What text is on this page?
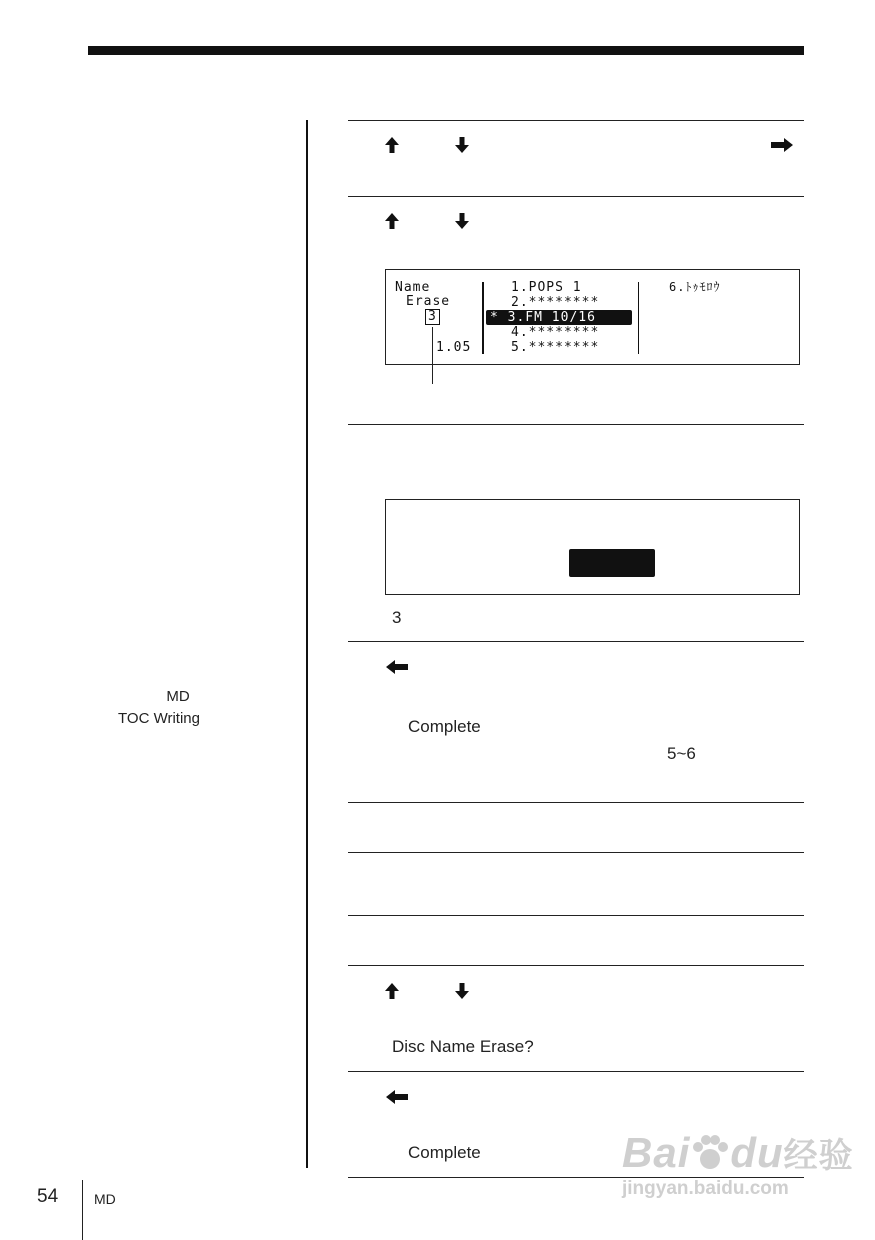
MD
TOC Writing
Name
Erase
3
1.05
1.POPS 1
2.********
* 3.FM 10/16
4.********
5.********
6.ﾄｩﾓﾛｳ
3
Complete
5~6
Disc Name Erase?
Complete	Bai du经验
jingyan.baidu.com
54	MD
